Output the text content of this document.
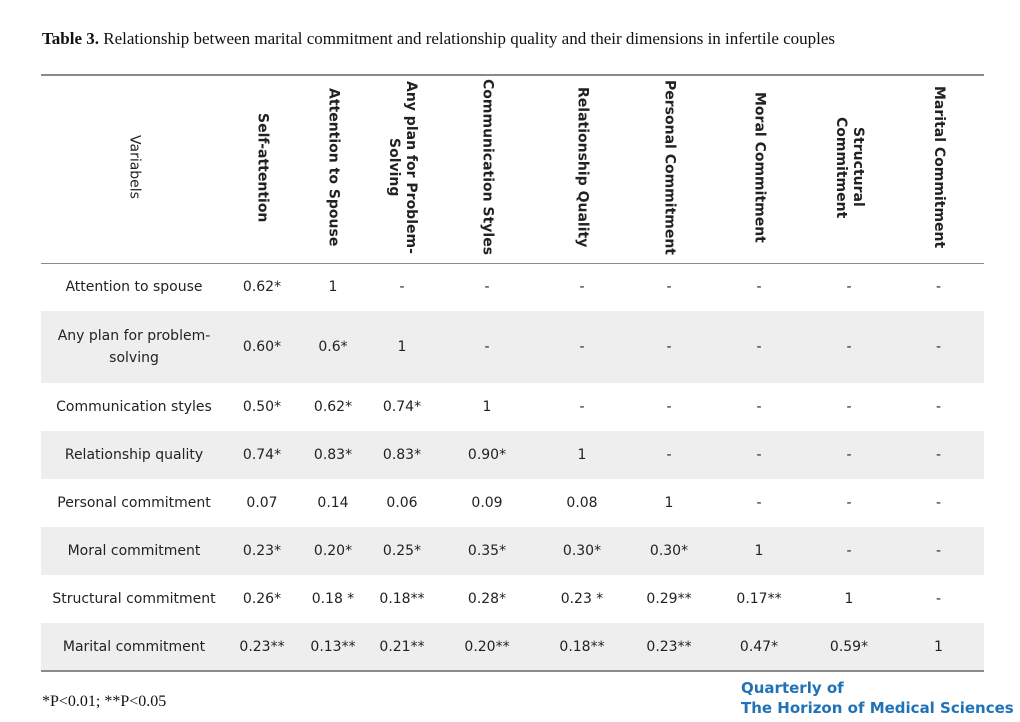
Table 3. Relationship between marital commitment and relationship quality and their dimensions in infertile couples
Variabels	Self-attention	Attention to Spouse	Any plan for Problem-Solving	Communication Styles	Relationship Quality	Personal Commitment	Moral Commitment	Structural Commitment	Marital Commitment
Attention to spouse	0.62*	1	-	-	-	-	-	-	-
Any plan for problem-solving	0.60*	0.6*	1	-	-	-	-	-	-
Communication styles	0.50*	0.62*	0.74*	1	-	-	-	-	-
Relationship quality	0.74*	0.83*	0.83*	0.90*	1	-	-	-	-
Personal commitment	0.07	0.14	0.06	0.09	0.08	1	-	-	-
Moral commitment	0.23*	0.20*	0.25*	0.35*	0.30*	0.30*	1	-	-
Structural commitment	0.26*	0.18 *	0.18**	0.28*	0.23 *	0.29**	0.17**	1	-
Marital commitment	0.23**	0.13**	0.21**	0.20**	0.18**	0.23**	0.47*	0.59*	1
*P<0.01; **P<0.05
Quarterly of
The Horizon of Medical Sciences
